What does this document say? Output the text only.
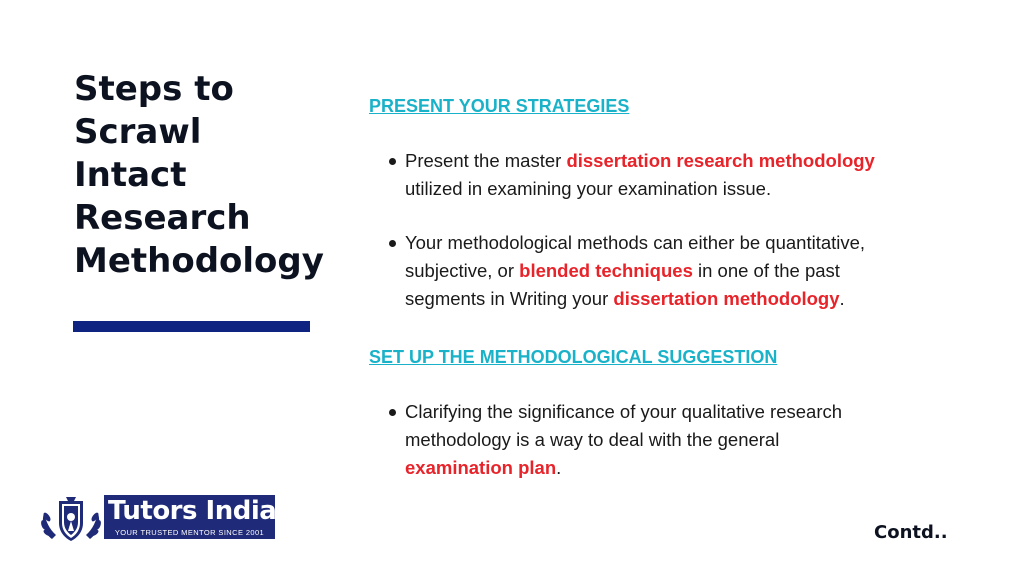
Steps to
Scrawl
Intact
Research
Methodology

PRESENT YOUR STRATEGIES

Present the master dissertation research methodology
utilized in examining your examination issue.
Your methodological methods can either be quantitative,
subjective, or blended techniques in one of the past
segments in Writing your dissertation methodology.

SET UP THE METHODOLOGICAL SUGGESTION

Clarifying the significance of your qualitative research
methodology is a way to deal with the general
examination plan.
Tutors India
YOUR TRUSTED MENTOR SINCE 2001	Contd..
